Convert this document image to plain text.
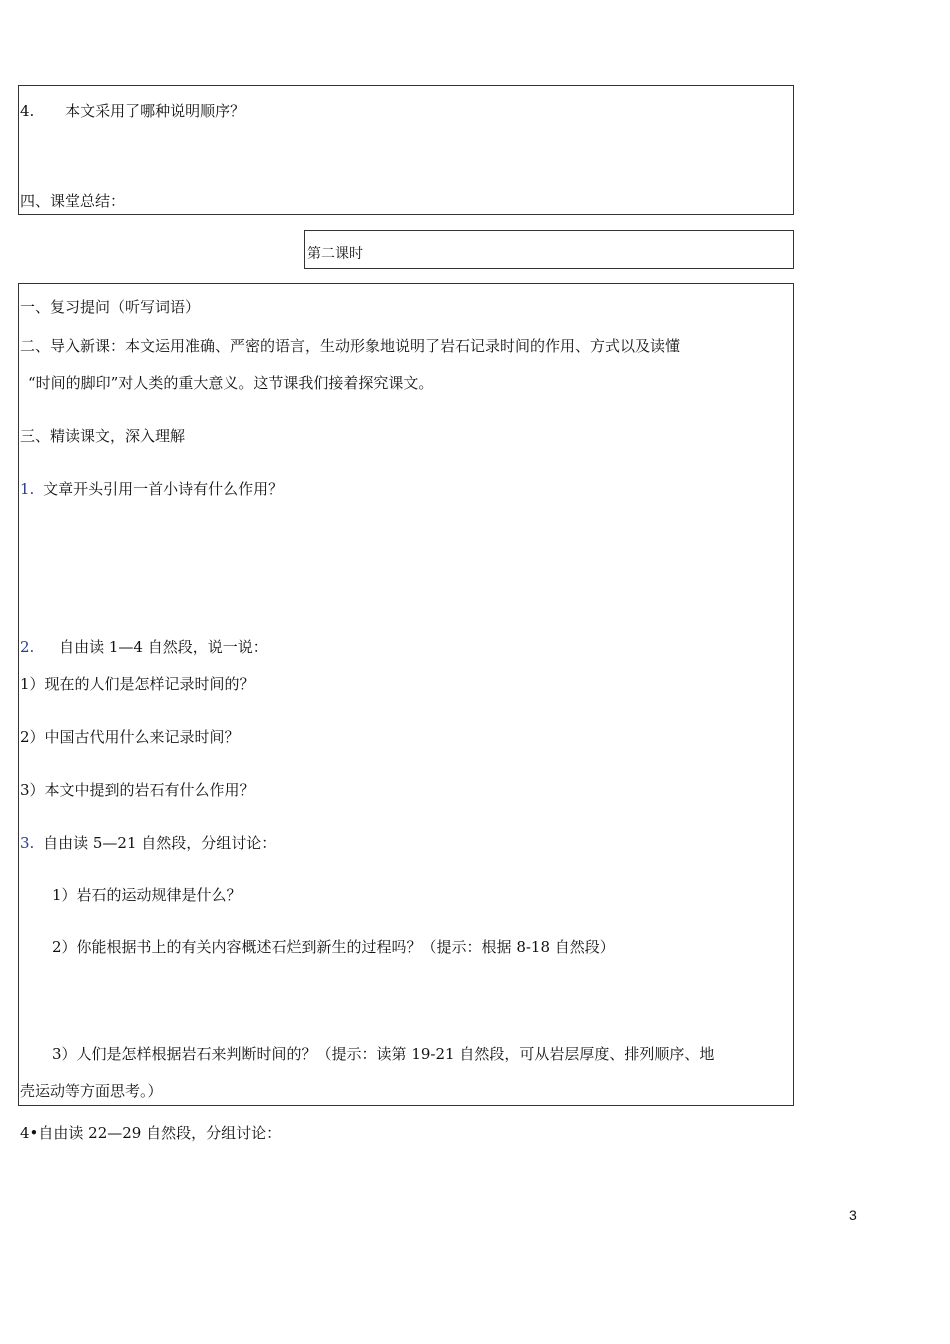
4. 本文采用了哪种说明顺序？
四、课堂总结：
第二课时
一、复习提问（听写词语）
二、导入新课：本文运用准确、严密的语言，生动形象地说明了岩石记录时间的作用、方式以及读懂
“时间的脚印”对人类的重大意义。这节课我们接着探究课文。
三、精读课文，深入理解
1. 文章开头引用一首小诗有什么作用？
2. 自由读 1—4 自然段，说一说：
1）现在的人们是怎样记录时间的？
2）中国古代用什么来记录时间？
3）本文中提到的岩石有什么作用？
3. 自由读 5—21 自然段，分组讨论：
1）岩石的运动规律是什么？
2）你能根据书上的有关内容概述石烂到新生的过程吗？（提示：根据 8-18 自然段）
3）人们是怎样根据岩石来判断时间的？（提示：读第 19-21 自然段，可从岩层厚度、排列顺序、地
壳运动等方面思考。）
4•自由读 22—29 自然段，分组讨论：
3
